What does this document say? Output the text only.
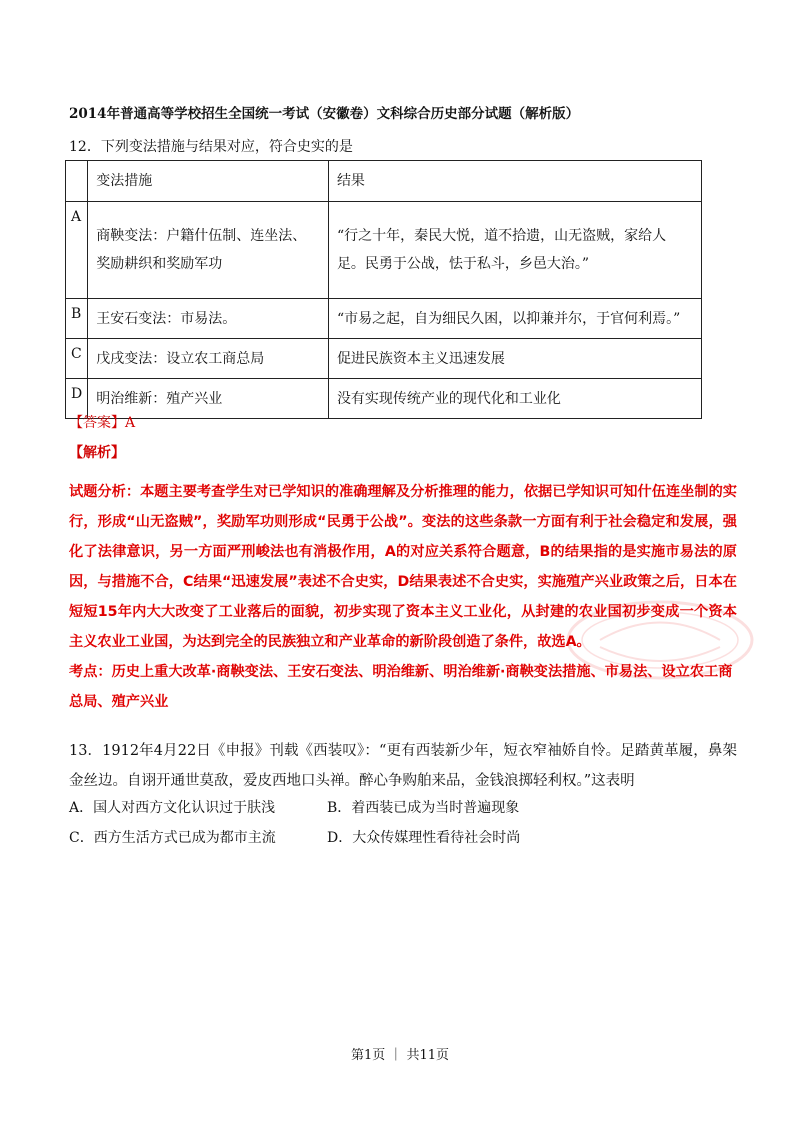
2014年普通高等学校招生全国统一考试（安徽卷）文科综合历史部分试题（解析版）
12．下列变法措施与结果对应，符合史实的是
	变法措施	结果
A	商鞅变法：户籍什伍制、连坐法、奖励耕织和奖励军功	“行之十年，秦民大悦，道不拾遗，山无盗贼，家给人足。民勇于公战，怯于私斗，乡邑大治。”
B	王安石变法：市易法。	“市易之起，自为细民久困，以抑兼并尔，于官何利焉。”
C	戊戌变法：设立农工商总局	促进民族资本主义迅速发展
D	明治维新：殖产兴业	没有实现传统产业的现代化和工业化
【答案】A
【解析】
试题分析：本题主要考查学生对已学知识的准确理解及分析推理的能力，依据已学知识可知什伍连坐制的实行，形成“山无盗贼”，奖励军功则形成“民勇于公战”。变法的这些条款一方面有利于社会稳定和发展，强化了法律意识，另一方面严刑峻法也有消极作用，A的对应关系符合题意，B的结果指的是实施市易法的原因，与措施不合，C结果“迅速发展”表述不合史实，D结果表述不合史实，实施殖产兴业政策之后，日本在短短15年内大大改变了工业落后的面貌，初步实现了资本主义工业化，从封建的农业国初步变成一个资本主义农业工业国，为达到完全的民族独立和产业革命的新阶段创造了条件，故选A。
考点：历史上重大改革·商鞅变法、王安石变法、明治维新、明治维新·商鞅变法措施、市易法、设立农工商总局、殖产兴业
13．1912年4月22日《申报》刊载《西装叹》：“更有西装新少年，短衣窄袖娇自怜。足踏黄革履，鼻架金丝边。自诩开通世莫敌，爱皮西地口头禅。醉心争购舶来品，金钱浪掷轻利权。”这表明
A．国人对西方文化认识过于肤浅	B．着西装已成为当时普遍现象
C．西方生活方式已成为都市主流	D．大众传媒理性看待社会时尚
第1页 ｜ 共11页
